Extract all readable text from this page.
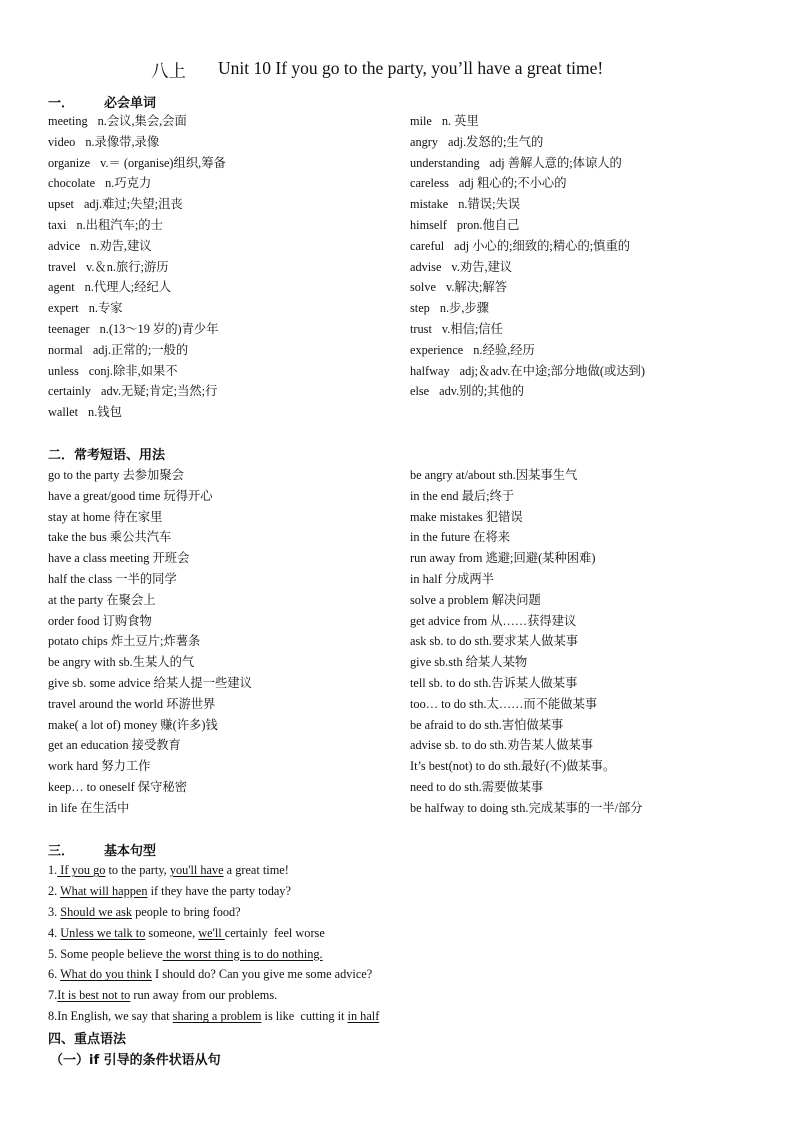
八上 Unit 10 If you go to the party, you’ll have a great time!
一． 必会单词
meeting n.会议,集会,会面
video n.录像带,录像
organize v.＝ (organise)组织,筹备
chocolate n.巧克力
upset adj.难过;失望;沮丧
taxi n.出租汽车;的士
advice n.劝告,建议
travel v.＆n.旅行;游历
agent n.代理人;经纪人
expert n.专家
teenager n.(13～19 岁的)青少年
normal adj.正常的;一般的
unless conj.除非,如果不
certainly adv.无疑;肯定;当然;行
wallet n.钱包
mile n. 英里
angry adj.发怒的;生气的
understanding adj 善解人意的;体谅人的
careless adj 粗心的;不小心的
mistake n.错误;失误
himself pron.他自己
careful adj 小心的;细致的;精心的;慎重的
advise v.劝告,建议
solve v.解决;解答
step n.步,步骤
trust v.相信;信任
experience n.经验,经历
halfway adj;＆adv.在中途;部分地做(或达到)
else adv.别的;其他的
二．常考短语、用法
go to the party 去参加聚会
have a great/good time 玩得开心
stay at home 待在家里
take the bus 乘公共汽车
have a class meeting 开班会
half the class 一半的同学
at the party 在聚会上
order food 订购食物
potato chips 炸土豆片;炸薯条
be angry with sb.生某人的气
give sb. some advice 给某人提一些建议
travel around the world 环游世界
make( a lot of) money 赚(许多)钱
get an education 接受教育
work hard 努力工作
keep… to oneself 保守秘密
in life 在生活中
be angry at/about sth.因某事生气
in the end 最后;终于
make mistakes 犯错误
in the future 在将来
run away from 逃避;回避(某种困难)
in half 分成两半
solve a problem 解决问题
get advice from 从……获得建议
ask sb. to do sth.要求某人做某事
give sb.sth 给某人某物
tell sb. to do sth.告诉某人做某事
too… to do sth.太……而不能做某事
be afraid to do sth.害怕做某事
advise sb. to do sth.劝告某人做某事
It’s best(not) to do sth.最好(不)做某事。
need to do sth.需要做某事
be halfway to doing sth.完成某事的一半/部分
三． 基本句型
1. If you go to the party, you'll have a great time!
2. What will happen if they have the party today?
3. Should we ask people to bring food?
4. Unless we talk to someone, we'll certainly  feel worse
5. Some people believe the worst thing is to do nothing.
6. What do you think I should do? Can you give me some advice?
7.It is best not to run away from our problems.
8.In English, we say that sharing a problem is like  cutting it in half
四、重点语法
（一）if 引导的条件状语从句
